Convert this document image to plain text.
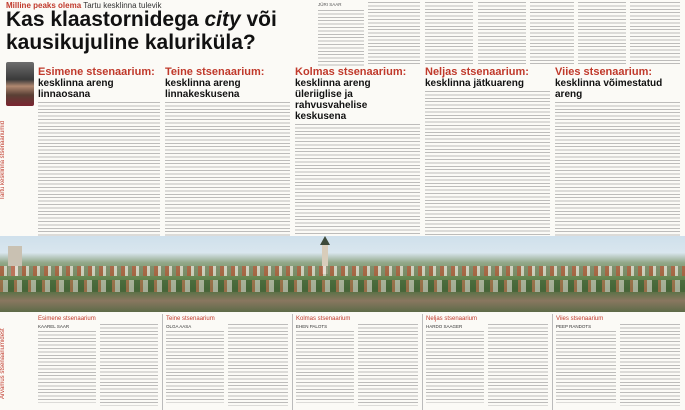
Milline peaks olema Tartu kesklinna tulevik
Kas klaastornidega city või kausikujuline kaluriküla?
JÜRI SAAR
Tartu kesklinna stsenaariumid
Esimene stsenaarium:
kesklinna areng linnaosana
Teine stsenaarium:
kesklinna areng linnakeskusena
Kolmas stsenaarium:
kesklinna areng üleriiglise ja rahvusvahelise keskusena
Neljas stsenaarium:
kesklinna jätkuareng
Viies stsenaarium:
kesklinna võimestatud areng
Arvamus stsenaariumidest
Esimene stsenaarium
KAAREL SAAR
Teine stsenaarium
OLGA AASA
Kolmas stsenaarium
EHEN PALOTS
Neljas stsenaarium
HARDO SAAGER
Viies stsenaarium
PEEP RANDOTS
